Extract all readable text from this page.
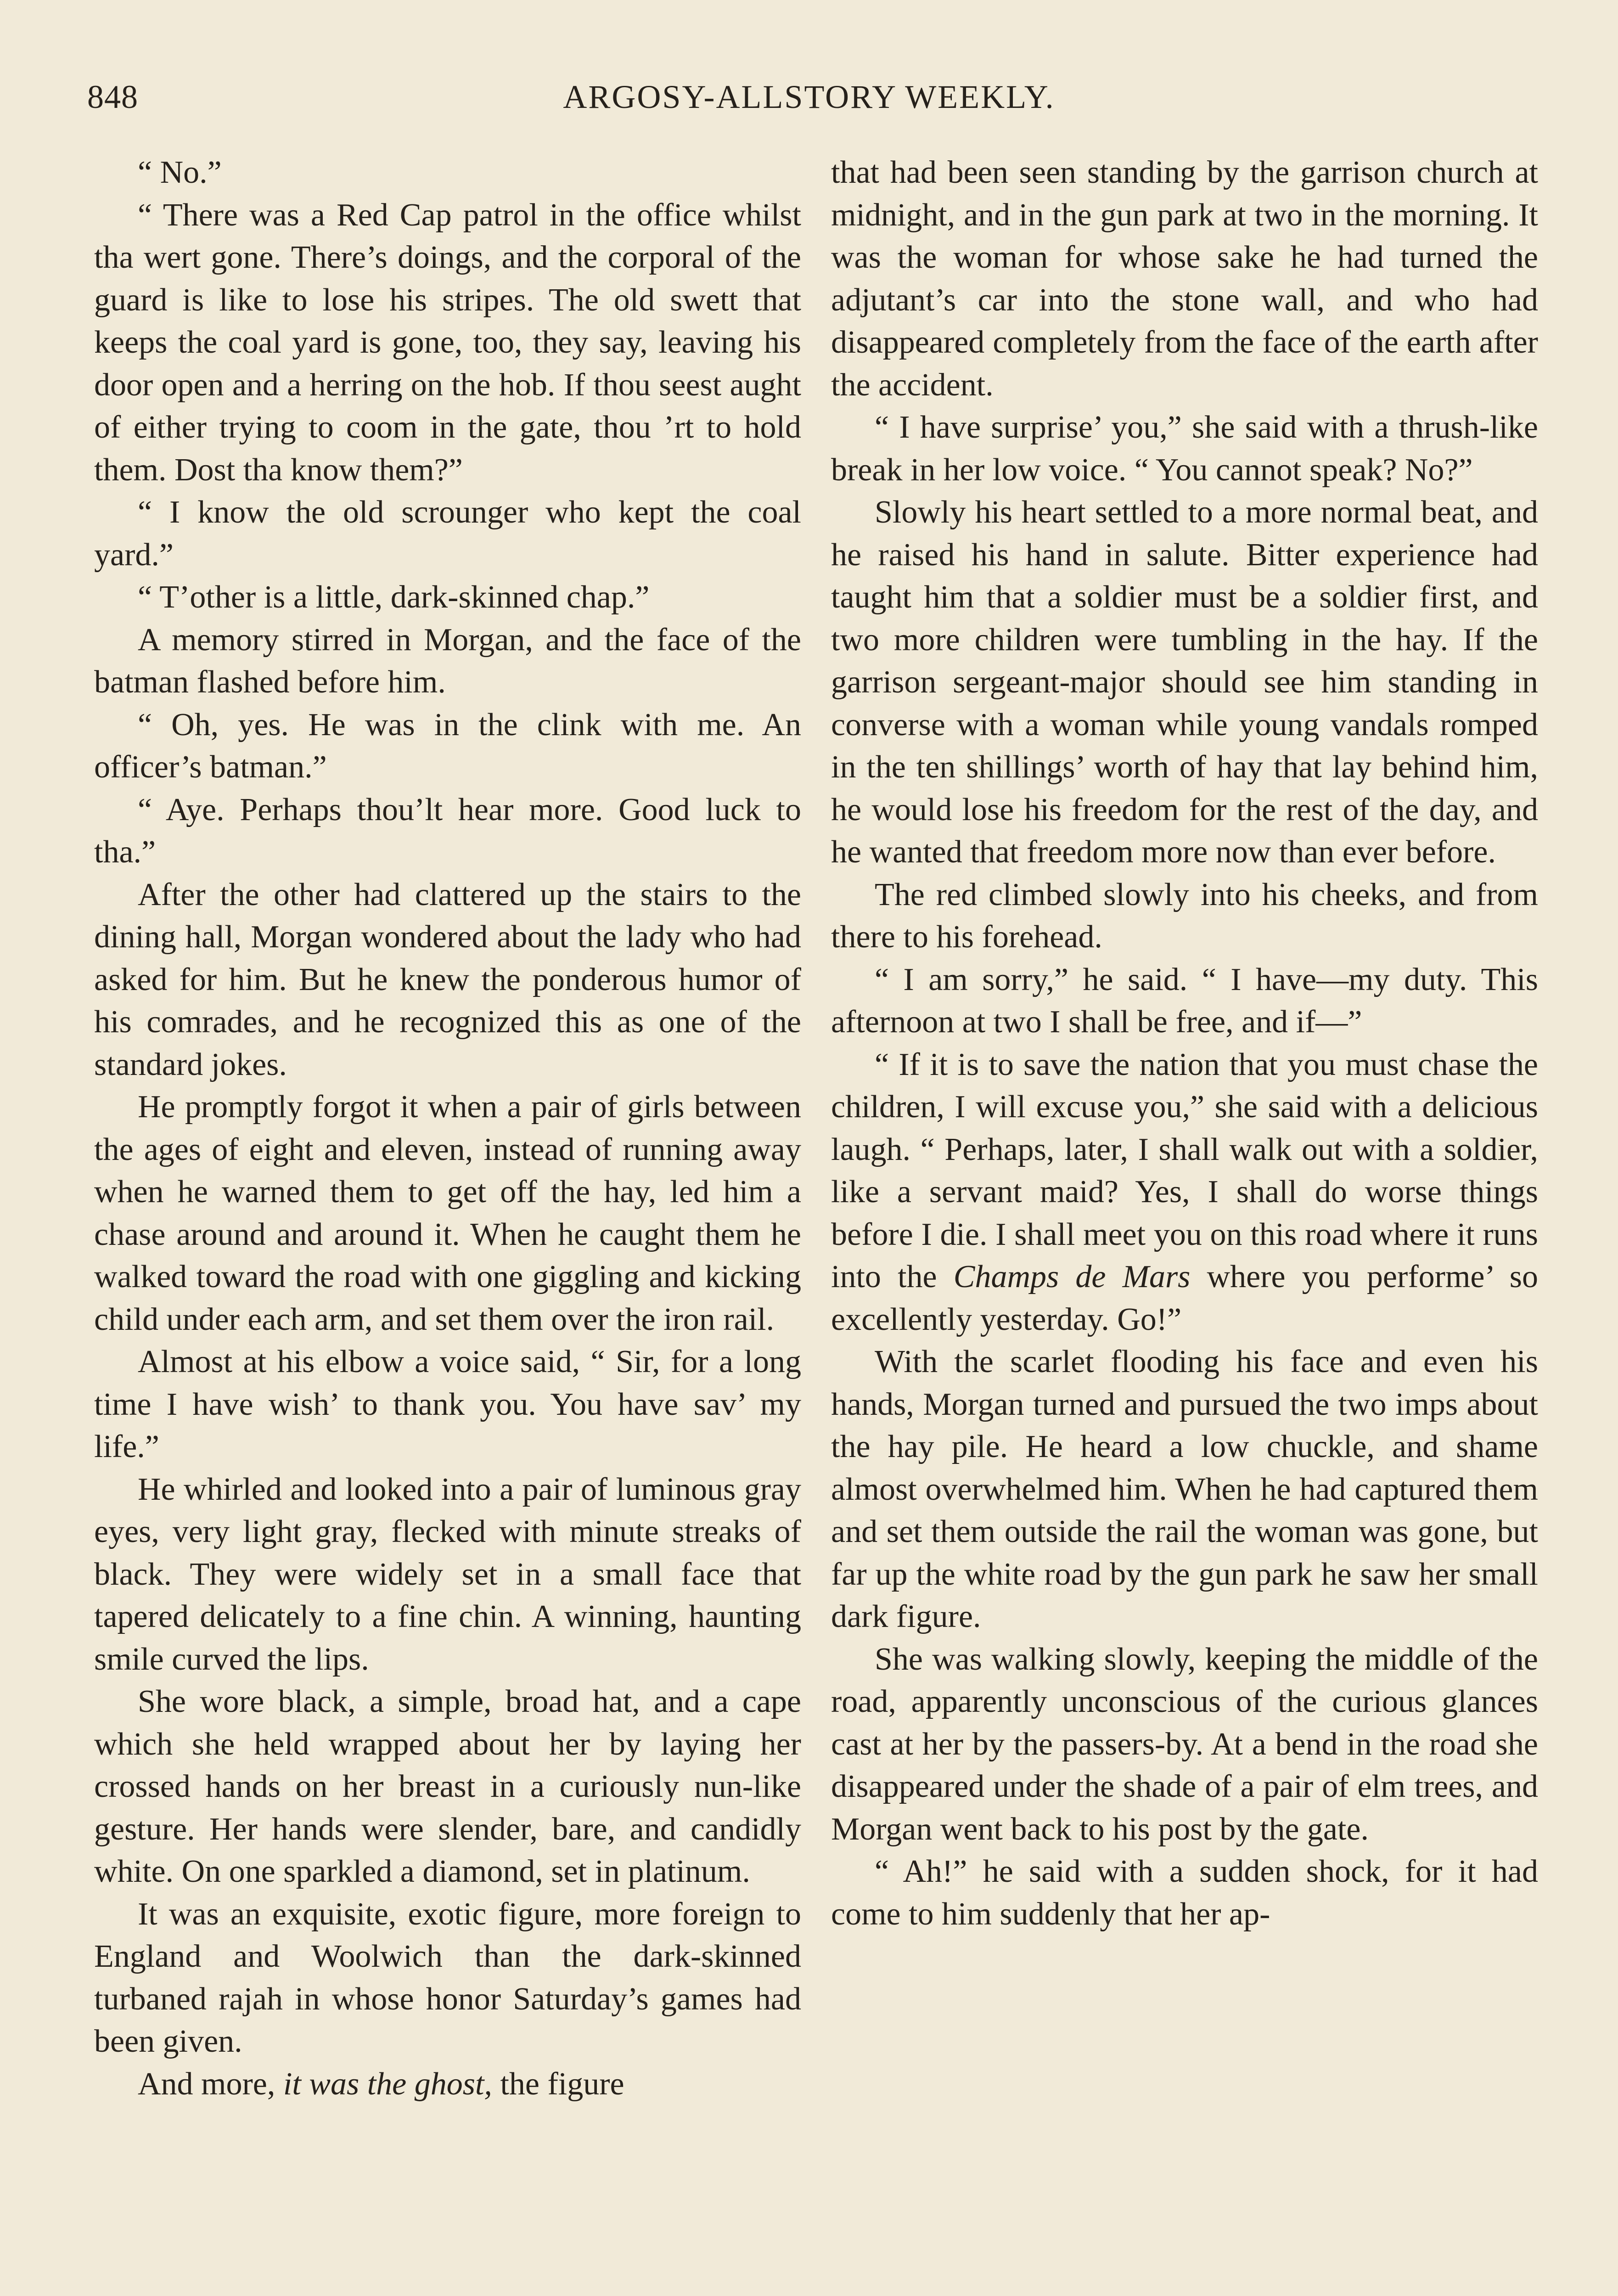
848	ARGOSY-ALLSTORY WEEKLY.

“ No.”

“ There was a Red Cap patrol in the office whilst tha wert gone. There’s doings, and the corporal of the guard is like to lose his stripes. The old swett that keeps the coal yard is gone, too, they say, leaving his door open and a herring on the hob. If thou seest aught of either trying to coom in the gate, thou ’rt to hold them. Dost tha know them?”

“ I know the old scrounger who kept the coal yard.”

“ T’other is a little, dark-skinned chap.”

A memory stirred in Morgan, and the face of the batman flashed before him.

“ Oh, yes. He was in the clink with me. An officer’s batman.”

“ Aye. Perhaps thou’lt hear more. Good luck to tha.”

After the other had clattered up the stairs to the dining hall, Morgan wondered about the lady who had asked for him. But he knew the ponderous humor of his comrades, and he recognized this as one of the standard jokes.

He promptly forgot it when a pair of girls between the ages of eight and eleven, instead of running away when he warned them to get off the hay, led him a chase around and around it. When he caught them he walked toward the road with one giggling and kicking child under each arm, and set them over the iron rail.

Almost at his elbow a voice said, “ Sir, for a long time I have wish’ to thank you. You have sav’ my life.”

He whirled and looked into a pair of luminous gray eyes, very light gray, flecked with minute streaks of black. They were widely set in a small face that tapered delicately to a fine chin. A winning, haunting smile curved the lips.

She wore black, a simple, broad hat, and a cape which she held wrapped about her by laying her crossed hands on her breast in a curiously nun-like gesture. Her hands were slender, bare, and candidly white. On one sparkled a diamond, set in platinum.

It was an exquisite, exotic figure, more foreign to England and Woolwich than the dark-skinned turbaned rajah in whose honor Saturday’s games had been given.

And more, it was the ghost, the figure

that had been seen standing by the garrison church at midnight, and in the gun park at two in the morning. It was the woman for whose sake he had turned the adjutant’s car into the stone wall, and who had disappeared completely from the face of the earth after the accident.

“ I have surprise’ you,” she said with a thrush-like break in her low voice. “ You cannot speak? No?”

Slowly his heart settled to a more normal beat, and he raised his hand in salute. Bitter experience had taught him that a soldier must be a soldier first, and two more children were tumbling in the hay. If the garrison sergeant-major should see him standing in converse with a woman while young vandals romped in the ten shillings’ worth of hay that lay behind him, he would lose his freedom for the rest of the day, and he wanted that freedom more now than ever before.

The red climbed slowly into his cheeks, and from there to his forehead.

“ I am sorry,” he said. “ I have—my duty. This afternoon at two I shall be free, and if—”

“ If it is to save the nation that you must chase the children, I will excuse you,” she said with a delicious laugh. “ Perhaps, later, I shall walk out with a soldier, like a servant maid? Yes, I shall do worse things before I die. I shall meet you on this road where it runs into the Champs de Mars where you performe’ so excellently yesterday. Go!”

With the scarlet flooding his face and even his hands, Morgan turned and pursued the two imps about the hay pile. He heard a low chuckle, and shame almost overwhelmed him. When he had captured them and set them outside the rail the woman was gone, but far up the white road by the gun park he saw her small dark figure.

She was walking slowly, keeping the middle of the road, apparently unconscious of the curious glances cast at her by the passers-by. At a bend in the road she disappeared under the shade of a pair of elm trees, and Morgan went back to his post by the gate.

“ Ah!” he said with a sudden shock, for it had come to him suddenly that her ap-
